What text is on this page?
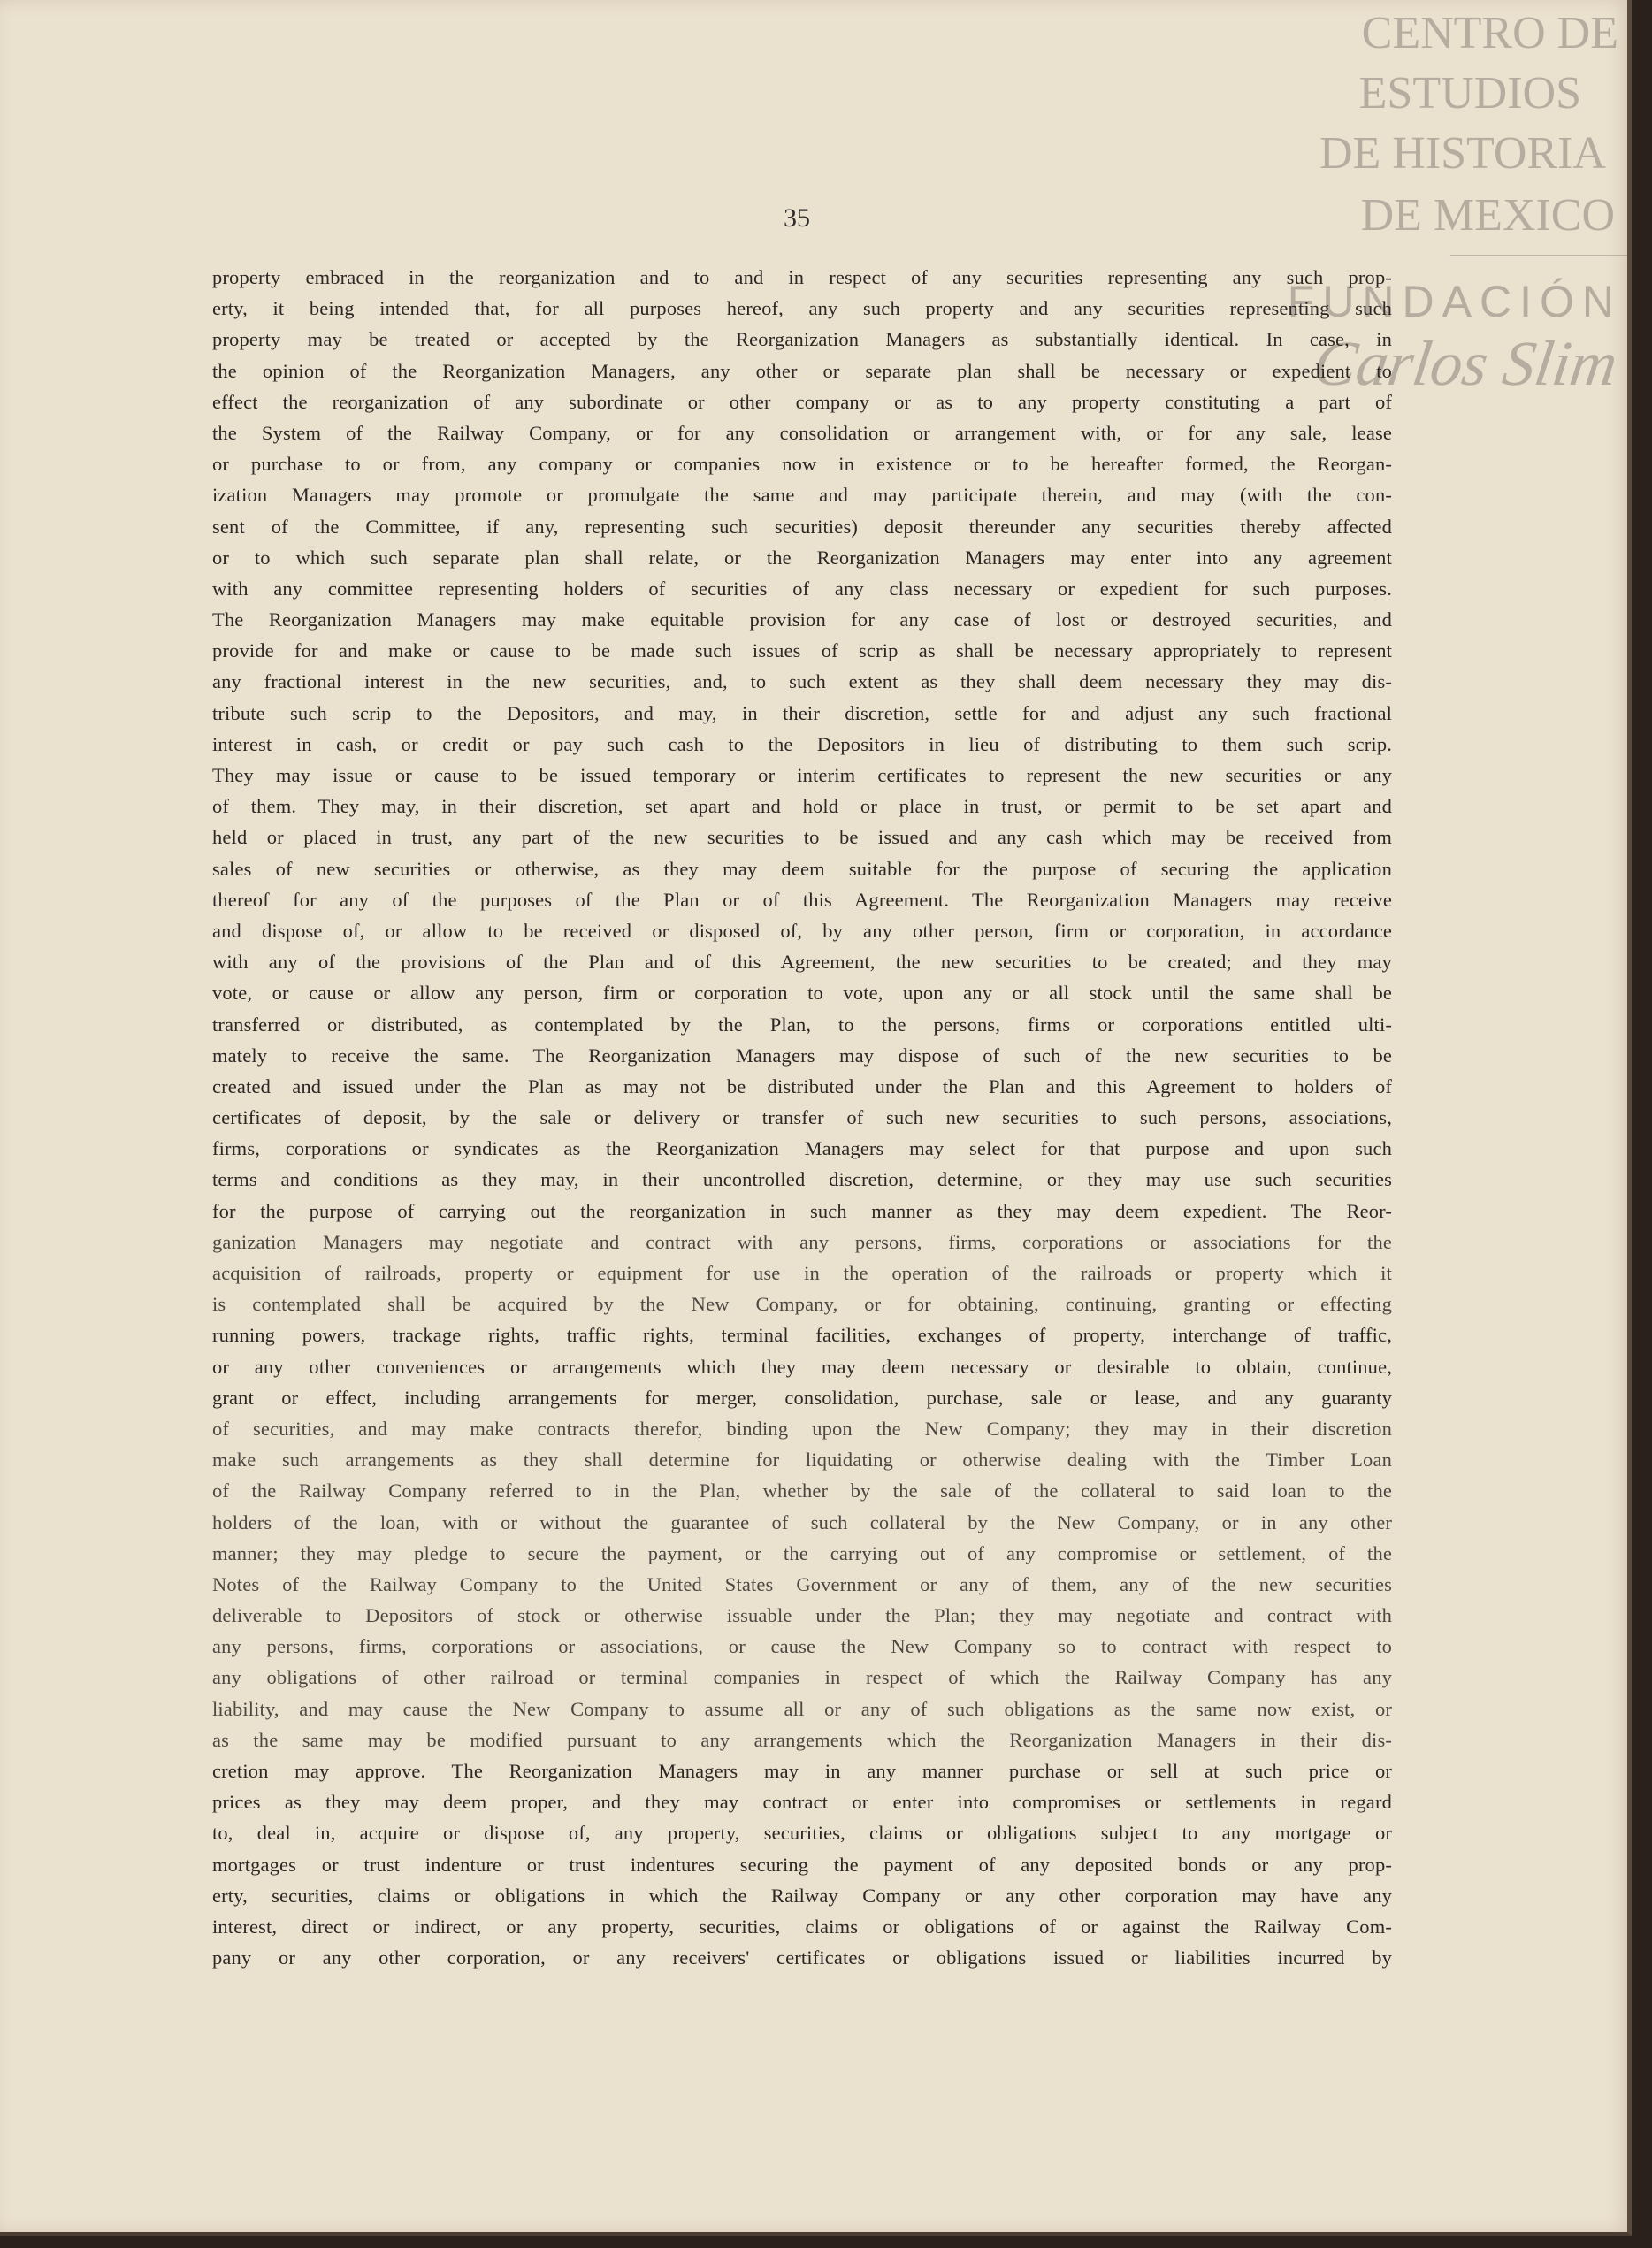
CENTRO DE
ESTUDIOS
DE HISTORIA
DE MEXICO
FUNDACIÓN
Carlos Slim
35
property embraced in the reorganization and to and in respect of any securities representing any such prop-
erty, it being intended that, for all purposes hereof, any such property and any securities representing such
property may be treated or accepted by the Reorganization Managers as substantially identical. In case, in
the opinion of the Reorganization Managers, any other or separate plan shall be necessary or expedient to
effect the reorganization of any subordinate or other company or as to any property constituting a part of
the System of the Railway Company, or for any consolidation or arrangement with, or for any sale, lease
or purchase to or from, any company or companies now in existence or to be hereafter formed, the Reorgan-
ization Managers may promote or promulgate the same and may participate therein, and may (with the con-
sent of the Committee, if any, representing such securities) deposit thereunder any securities thereby affected
or to which such separate plan shall relate, or the Reorganization Managers may enter into any agreement
with any committee representing holders of securities of any class necessary or expedient for such purposes.
The Reorganization Managers may make equitable provision for any case of lost or destroyed securities, and
provide for and make or cause to be made such issues of scrip as shall be necessary appropriately to represent
any fractional interest in the new securities, and, to such extent as they shall deem necessary they may dis-
tribute such scrip to the Depositors, and may, in their discretion, settle for and adjust any such fractional
interest in cash, or credit or pay such cash to the Depositors in lieu of distributing to them such scrip.
They may issue or cause to be issued temporary or interim certificates to represent the new securities or any
of them. They may, in their discretion, set apart and hold or place in trust, or permit to be set apart and
held or placed in trust, any part of the new securities to be issued and any cash which may be received from
sales of new securities or otherwise, as they may deem suitable for the purpose of securing the application
thereof for any of the purposes of the Plan or of this Agreement. The Reorganization Managers may receive
and dispose of, or allow to be received or disposed of, by any other person, firm or corporation, in accordance
with any of the provisions of the Plan and of this Agreement, the new securities to be created; and they may
vote, or cause or allow any person, firm or corporation to vote, upon any or all stock until the same shall be
transferred or distributed, as contemplated by the Plan, to the persons, firms or corporations entitled ulti-
mately to receive the same. The Reorganization Managers may dispose of such of the new securities to be
created and issued under the Plan as may not be distributed under the Plan and this Agreement to holders of
certificates of deposit, by the sale or delivery or transfer of such new securities to such persons, associations,
firms, corporations or syndicates as the Reorganization Managers may select for that purpose and upon such
terms and conditions as they may, in their uncontrolled discretion, determine, or they may use such securities
for the purpose of carrying out the reorganization in such manner as they may deem expedient. The Reor-
ganization Managers may negotiate and contract with any persons, firms, corporations or associations for the
acquisition of railroads, property or equipment for use in the operation of the railroads or property which it
is contemplated shall be acquired by the New Company, or for obtaining, continuing, granting or effecting
running powers, trackage rights, traffic rights, terminal facilities, exchanges of property, interchange of traffic,
or any other conveniences or arrangements which they may deem necessary or desirable to obtain, continue,
grant or effect, including arrangements for merger, consolidation, purchase, sale or lease, and any guaranty
of securities, and may make contracts therefor, binding upon the New Company; they may in their discretion
make such arrangements as they shall determine for liquidating or otherwise dealing with the Timber Loan
of the Railway Company referred to in the Plan, whether by the sale of the collateral to said loan to the
holders of the loan, with or without the guarantee of such collateral by the New Company, or in any other
manner; they may pledge to secure the payment, or the carrying out of any compromise or settlement, of the
Notes of the Railway Company to the United States Government or any of them, any of the new securities
deliverable to Depositors of stock or otherwise issuable under the Plan; they may negotiate and contract with
any persons, firms, corporations or associations, or cause the New Company so to contract with respect to
any obligations of other railroad or terminal companies in respect of which the Railway Company has any
liability, and may cause the New Company to assume all or any of such obligations as the same now exist, or
as the same may be modified pursuant to any arrangements which the Reorganization Managers in their dis-
cretion may approve. The Reorganization Managers may in any manner purchase or sell at such price or
prices as they may deem proper, and they may contract or enter into compromises or settlements in regard
to, deal in, acquire or dispose of, any property, securities, claims or obligations subject to any mortgage or
mortgages or trust indenture or trust indentures securing the payment of any deposited bonds or any prop-
erty, securities, claims or obligations in which the Railway Company or any other corporation may have any
interest, direct or indirect, or any property, securities, claims or obligations of or against the Railway Com-
pany or any other corporation, or any receivers' certificates or obligations issued or liabilities incurred by
